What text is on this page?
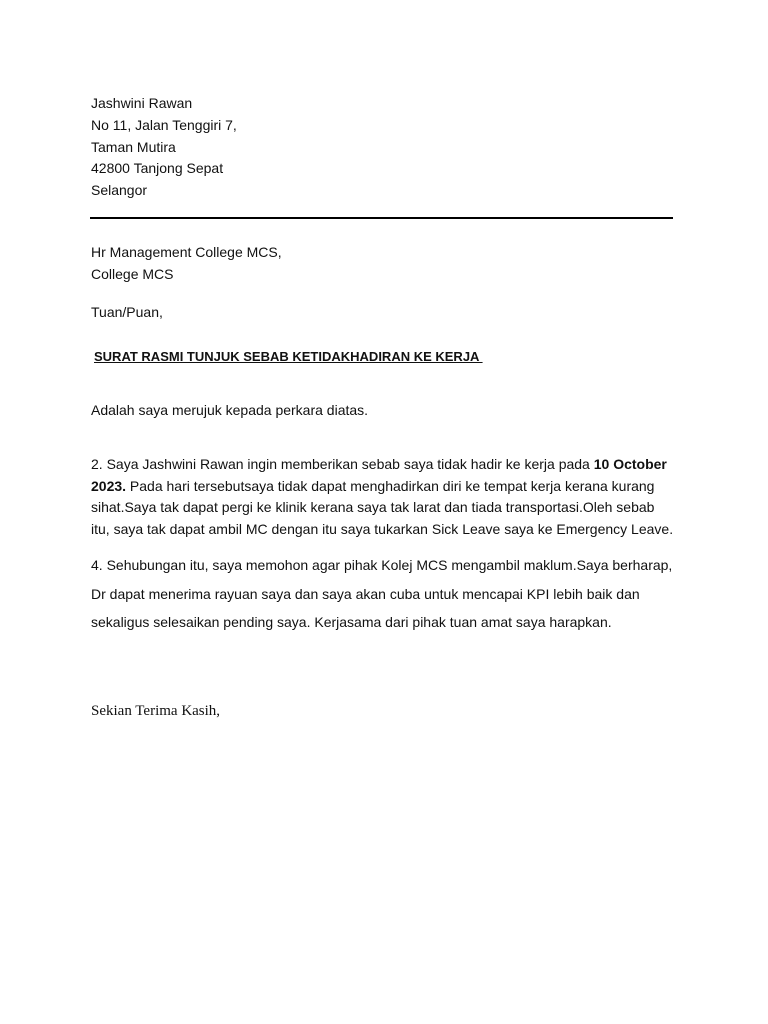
Jashwini Rawan
No 11, Jalan Tenggiri 7,
Taman Mutira
42800 Tanjong Sepat
Selangor
Hr Management College MCS,
College MCS
Tuan/Puan,
SURAT RASMI TUNJUK SEBAB KETIDAKHADIRAN KE KERJA
Adalah saya merujuk kepada perkara diatas.
2. Saya Jashwini Rawan ingin memberikan sebab saya tidak hadir ke kerja pada 10 October 2023. Pada hari tersebutsaya tidak dapat menghadirkan diri ke tempat kerja kerana kurang sihat.Saya tak dapat pergi ke klinik kerana saya tak larat dan tiada transportasi.Oleh sebab itu, saya tak dapat ambil MC dengan itu saya tukarkan Sick Leave saya ke Emergency Leave.
4. Sehubungan itu, saya memohon agar pihak Kolej MCS mengambil maklum.Saya berharap, Dr dapat menerima rayuan saya dan saya akan cuba untuk mencapai KPI lebih baik dan sekaligus selesaikan pending saya. Kerjasama dari pihak tuan amat saya harapkan.
Sekian Terima Kasih,
